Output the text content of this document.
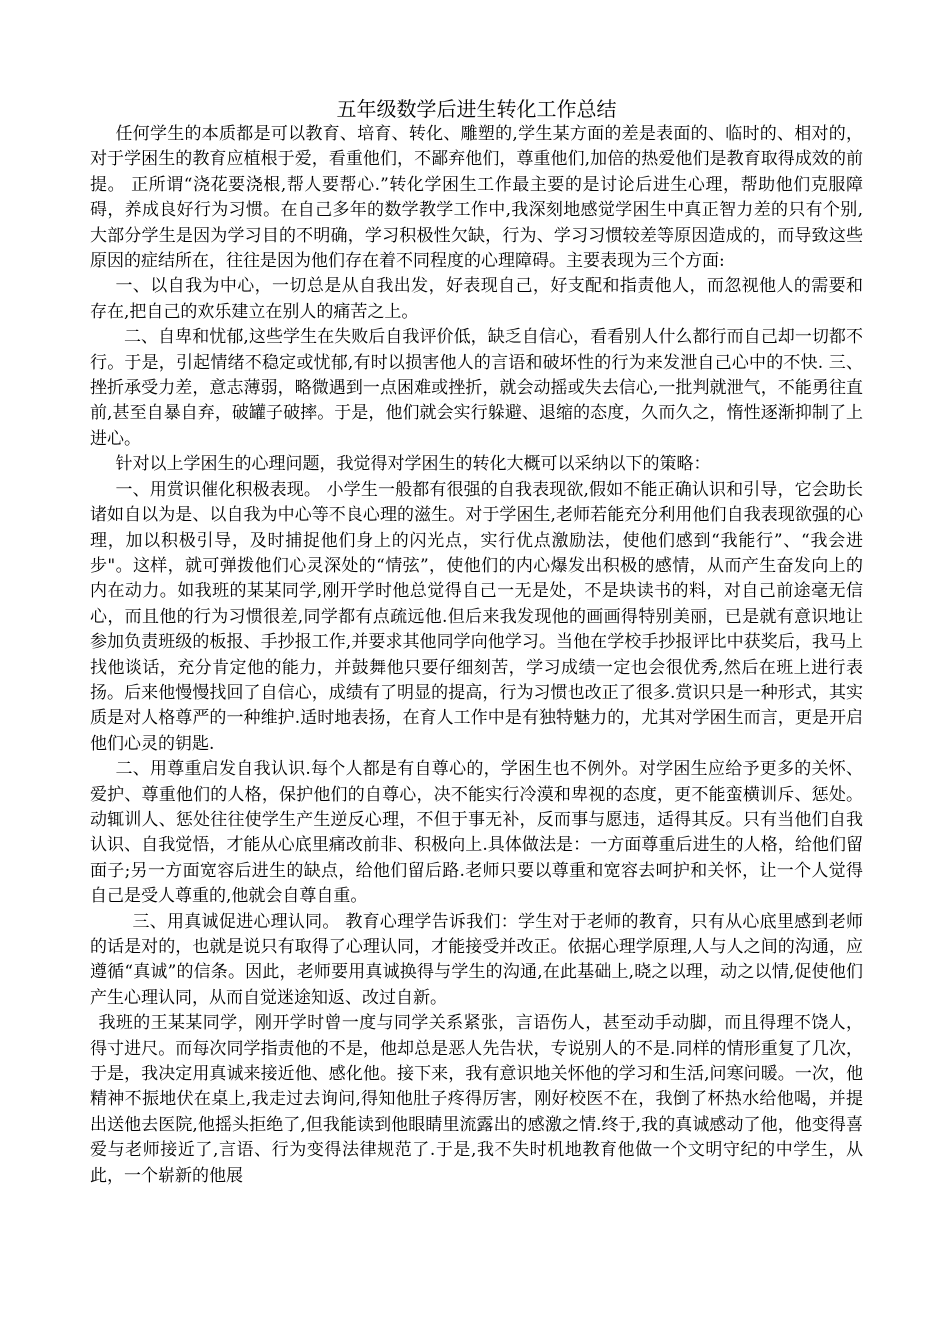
五年级数学后进生转化工作总结

任何学生的本质都是可以教育、培育、转化、雕塑的,学生某方面的差是表面的、临时的、相对的，对于学困生的教育应植根于爱，看重他们，不鄙弃他们，尊重他们,加倍的热爱他们是教育取得成效的前提。 正所谓“浇花要浇根,帮人要帮心.”转化学困生工作最主要的是讨论后进生心理，帮助他们克服障碍，养成良好行为习惯。在自己多年的数学教学工作中,我深刻地感觉学困生中真正智力差的只有个别,大部分学生是因为学习目的不明确，学习积极性欠缺，行为、学习习惯较差等原因造成的，而导致这些原因的症结所在，往往是因为他们存在着不同程度的心理障碍。主要表现为三个方面:

一、以自我为中心，一切总是从自我出发，好表现自己，好支配和指责他人，而忽视他人的需要和存在,把自己的欢乐建立在别人的痛苦之上。

二、自卑和忧郁,这些学生在失败后自我评价低，缺乏自信心，看看别人什么都行而自己却一切都不行。于是，引起情绪不稳定或忧郁,有时以损害他人的言语和破坏性的行为来发泄自己心中的不快. 三、挫折承受力差，意志薄弱，略微遇到一点困难或挫折，就会动摇或失去信心,一批判就泄气，不能勇往直前,甚至自暴自弃，破罐子破摔。于是，他们就会实行躲避、退缩的态度，久而久之，惰性逐渐抑制了上进心。

针对以上学困生的心理问题，我觉得对学困生的转化大概可以采纳以下的策略：

一、用赏识催化积极表现。 小学生一般都有很强的自我表现欲,假如不能正确认识和引导，它会助长诸如自以为是、以自我为中心等不良心理的滋生。对于学困生,老师若能充分利用他们自我表现欲强的心理，加以积极引导，及时捕捉他们身上的闪光点，实行优点激励法，使他们感到“我能行”、“我会进步"。这样，就可弹拨他们心灵深处的“情弦”，使他们的内心爆发出积极的感情，从而产生奋发向上的内在动力。如我班的某某同学,刚开学时他总觉得自己一无是处，不是块读书的料，对自己前途毫无信心，而且他的行为习惯很差,同学都有点疏远他.但后来我发现他的画画得特别美丽，已是就有意识地让参加负责班级的板报、手抄报工作,并要求其他同学向他学习。当他在学校手抄报评比中获奖后，我马上找他谈话，充分肯定他的能力，并鼓舞他只要仔细刻苦，学习成绩一定也会很优秀,然后在班上进行表扬。后来他慢慢找回了自信心，成绩有了明显的提高，行为习惯也改正了很多.赏识只是一种形式，其实质是对人格尊严的一种维护.适时地表扬，在育人工作中是有独特魅力的，尤其对学困生而言，更是开启他们心灵的钥匙.

二、用尊重启发自我认识.每个人都是有自尊心的，学困生也不例外。对学困生应给予更多的关怀、爱护、尊重他们的人格，保护他们的自尊心，决不能实行冷漠和卑视的态度，更不能蛮横训斥、惩处。动辄训人、惩处往往使学生产生逆反心理，不但于事无补，反而事与愿违，适得其反。只有当他们自我认识、自我觉悟，才能从心底里痛改前非、积极向上.具体做法是：一方面尊重后进生的人格，给他们留面子;另一方面宽容后进生的缺点，给他们留后路.老师只要以尊重和宽容去呵护和关怀，让一个人觉得自己是受人尊重的,他就会自尊自重。

三、用真诚促进心理认同。 教育心理学告诉我们：学生对于老师的教育，只有从心底里感到老师的话是对的，也就是说只有取得了心理认同，才能接受并改正。依据心理学原理,人与人之间的沟通，应遵循“真诚”的信条。因此，老师要用真诚换得与学生的沟通,在此基础上,晓之以理，动之以情,促使他们产生心理认同，从而自觉迷途知返、改过自新。

我班的王某某同学，刚开学时曾一度与同学关系紧张，言语伤人，甚至动手动脚，而且得理不饶人，得寸进尺。而每次同学指责他的不是，他却总是恶人先告状，专说别人的不是.同样的情形重复了几次，于是，我决定用真诚来接近他、感化他。接下来，我有意识地关怀他的学习和生活,问寒问暖。一次，他精神不振地伏在桌上,我走过去询问,得知他肚子疼得厉害，刚好校医不在，我倒了杯热水给他喝，并提出送他去医院,他摇头拒绝了,但我能读到他眼睛里流露出的感激之情.终于,我的真诚感动了他，他变得喜爱与老师接近了,言语、行为变得法律规范了.于是,我不失时机地教育他做一个文明守纪的中学生，从此，一个崭新的他展
